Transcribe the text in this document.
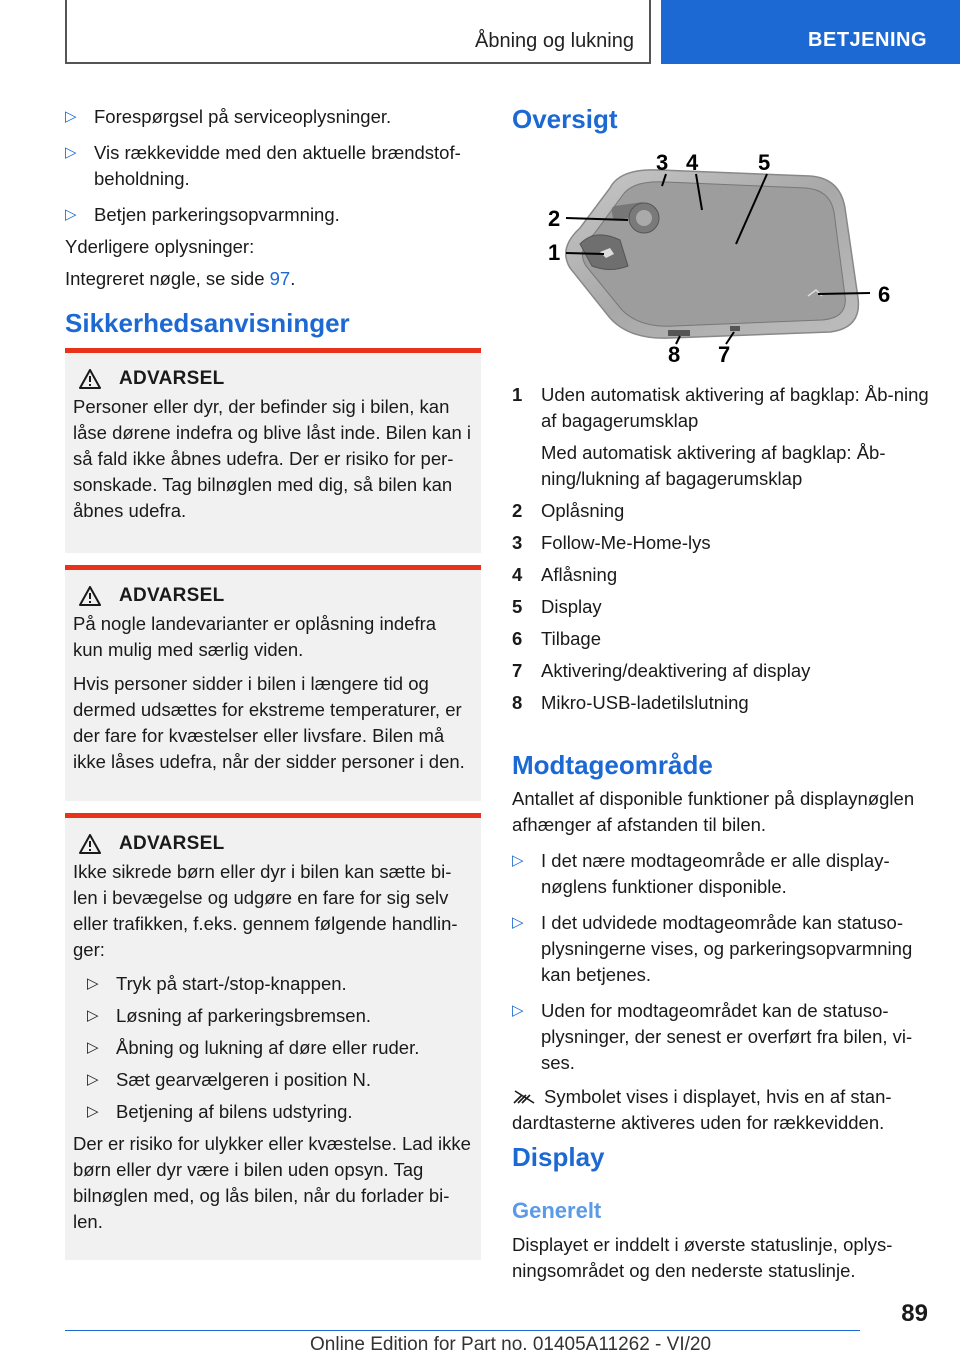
Åbning og lukning	BETJENING
▷ Forespørgsel på serviceoplysninger.
▷ Vis rækkevidde med den aktuelle brændstof-beholdning.
▷ Betjen parkeringsopvarmning.
Yderligere oplysninger:
Integreret nøgle, se side 97.
Sikkerhedsanvisninger
ADVARSEL
Personer eller dyr, der befinder sig i bilen, kan låse dørene indefra og blive låst inde. Bilen kan i så fald ikke åbnes udefra. Der er risiko for per-sonskade. Tag bilnøglen med dig, så bilen kan åbnes udefra.
ADVARSEL
På nogle landevarianter er oplåsning indefra kun mulig med særlig viden.
Hvis personer sidder i bilen i længere tid og dermed udsættes for ekstreme temperaturer, er der fare for kvæstelser eller livsfare. Bilen må ikke låses udefra, når der sidder personer i den.
ADVARSEL
Ikke sikrede børn eller dyr i bilen kan sætte bi-len i bevægelse og udgøre en fare for sig selv eller trafikken, f.eks. gennem følgende handlin-ger:
▷ Tryk på start-/stop-knappen.
▷ Løsning af parkeringsbremsen.
▷ Åbning og lukning af døre eller ruder.
▷ Sæt gearvælgeren i position N.
▷ Betjening af bilens udstyring.
Der er risiko for ulykker eller kvæstelse. Lad ikke børn eller dyr være i bilen uden opsyn. Tag bilnøglen med, og lås bilen, når du forlader bi-len.
Oversigt
2
1
3 4	5
6
7
8
1 Uden automatisk aktivering af bagklap: Åb-ning af bagagerumsklap
Med automatisk aktivering af bagklap: Åb-ning/lukning af bagagerumsklap
2 Oplåsning
3 Follow-Me-Home-lys
4 Aflåsning
5 Display
6 Tilbage
7 Aktivering/deaktivering af display
8 Mikro-USB-ladetilslutning
Modtageområde
Antallet af disponible funktioner på displaynøglen afhænger af afstanden til bilen.
▷ I det nære modtageområde er alle display-nøglens funktioner disponible.
▷ I det udvidede modtageområde kan statuso-plysningerne vises, og parkeringsopvarmning kan betjenes.
▷ Uden for modtageområdet kan de statuso-plysninger, der senest er overført fra bilen, vi-ses.
Symbolet vises i displayet, hvis en af stan-dardtasterne aktiveres uden for rækkevidden.
Display
Generelt
Displayet er inddelt i øverste statuslinje, oplys-ningsområdet og den nederste statuslinje.
89
Online Edition for Part no. 01405A11262 - VI/20
